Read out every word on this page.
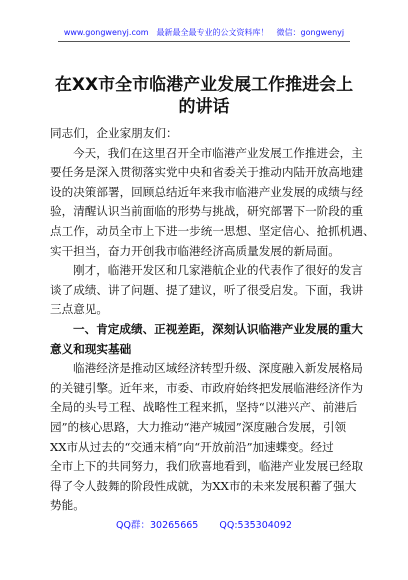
www.gongwenyj.com　最新最全最专业的公文资料库！　微信：gongwenyj
在XX市全市临港产业发展工作推进会上
的讲话

同志们，企业家朋友们：

今天，我们在这里召开全市临港产业发展工作推进会，主
要任务是深入贯彻落实党中央和省委关于推动内陆开放高地建
设的决策部署，回顾总结近年来我市临港产业发展的成绩与经
验，清醒认识当前面临的形势与挑战，研究部署下一阶段的重
点工作，动员全市上下进一步统一思想、坚定信心、抢抓机遇、
实干担当，奋力开创我市临港经济高质量发展的新局面。

刚才，临港开发区和几家港航企业的代表作了很好的发言
谈了成绩、讲了问题、提了建议，听了很受启发。下面，我讲
三点意见。

一、肯定成绩、正视差距，深刻认识临港产业发展的重大
意义和现实基础

临港经济是推动区域经济转型升级、深度融入新发展格局
的关键引擎。近年来，市委、市政府始终把发展临港经济作为
全局的头号工程、战略性工程来抓，坚持“以港兴产、前港后
园”的核心思路，大力推动“港产城园”深度融合发展，引领
XX市从过去的“交通末梢”向“开放前沿”加速蝶变。经过
全市上下的共同努力，我们欣喜地看到，临港产业发展已经取
得了令人鼓舞的阶段性成就，为XX市的未来发展积蓄了强大
势能。

QQ群：30265665 QQ:535304092
